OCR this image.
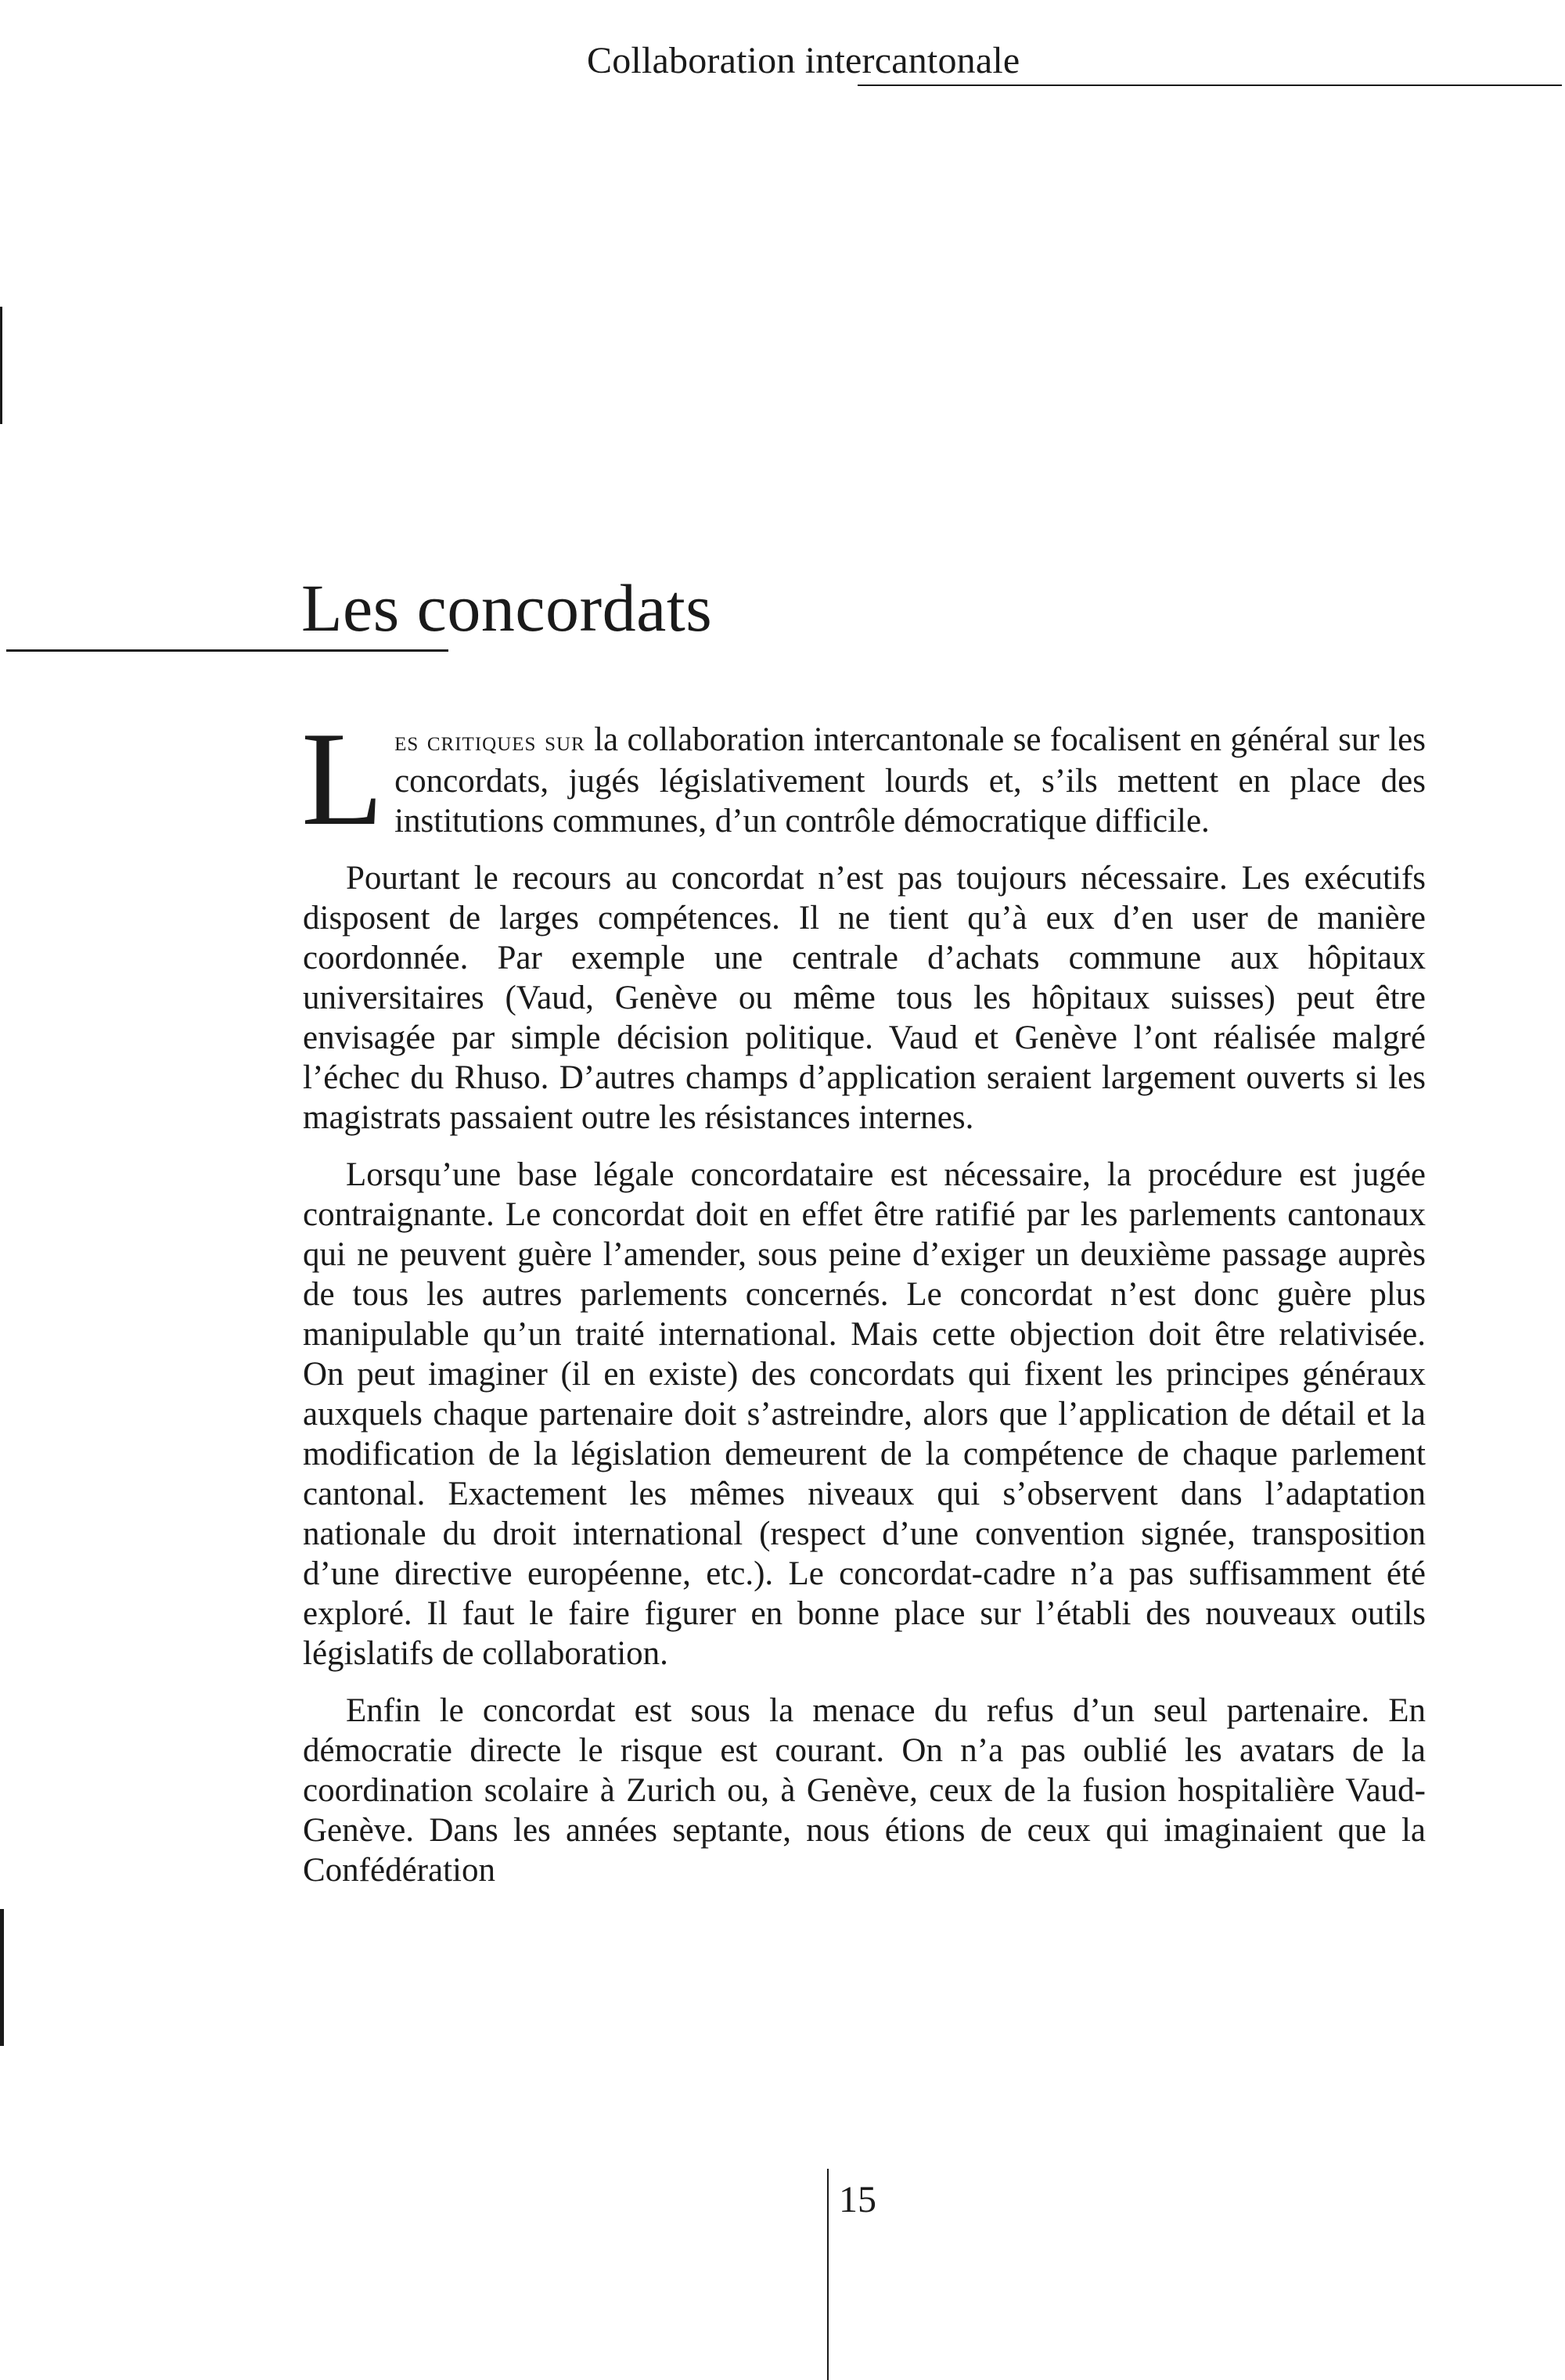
Collaboration intercantonale
Les concordats

Les critiques sur la collaboration intercantonale se focalisent en général sur les concordats, jugés législativement lourds et, s’ils mettent en place des institutions communes, d’un contrôle démocratique difficile.

Pourtant le recours au concordat n’est pas toujours nécessaire. Les exécutifs disposent de larges compétences. Il ne tient qu’à eux d’en user de manière coordonnée. Par exemple une centrale d’achats commune aux hôpitaux universitaires (Vaud, Genève ou même tous les hôpitaux suisses) peut être envisagée par simple décision politique. Vaud et Genève l’ont réalisée malgré l’échec du Rhuso. D’autres champs d’application seraient largement ouverts si les magistrats passaient outre les résistances internes.

Lorsqu’une base légale concordataire est nécessaire, la procédure est jugée contraignante. Le concordat doit en effet être ratifié par les parlements cantonaux qui ne peuvent guère l’amender, sous peine d’exiger un deuxième passage auprès de tous les autres parlements concernés. Le concordat n’est donc guère plus manipulable qu’un traité international. Mais cette objection doit être relativisée. On peut imaginer (il en existe) des concordats qui fixent les principes généraux auxquels chaque partenaire doit s’astreindre, alors que l’application de détail et la modification de la législation demeurent de la compétence de chaque parlement cantonal. Exactement les mêmes niveaux qui s’observent dans l’adaptation nationale du droit international (respect d’une convention signée, transposition d’une directive européenne, etc.). Le concordat-cadre n’a pas suffisamment été exploré. Il faut le faire figurer en bonne place sur l’établi des nouveaux outils législatifs de collaboration.

Enfin le concordat est sous la menace du refus d’un seul partenaire. En démocratie directe le risque est courant. On n’a pas oublié les avatars de la coordination scolaire à Zurich ou, à Genève, ceux de la fusion hospitalière Vaud-Genève. Dans les années septante, nous étions de ceux qui imaginaient que la Confédération

15
